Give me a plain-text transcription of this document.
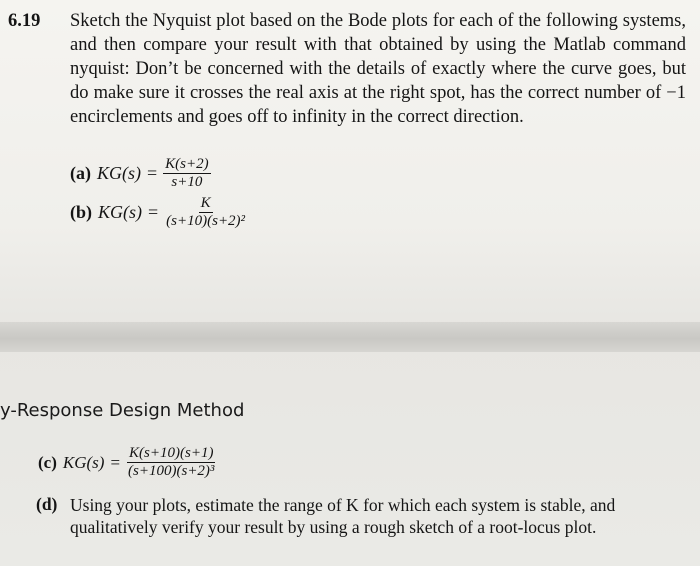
6.19 Sketch the Nyquist plot based on the Bode plots for each of the following systems, and then compare your result with that obtained by using the Matlab command nyquist: Don’t be concerned with the details of exactly where the curve goes, but do make sure it crosses the real axis at the right spot, has the correct number of −1 encirclements and goes off to infinity in the correct direction.
(a) $KG(s) = \frac{K(s+2)}{s+10}$
(b) $KG(s) = \frac{K}{\text{(s+10)(s+2)²}}$
y-Response Design Method
(c) $KG(s) = \frac{K(s+10)(s+1)}{\text{(s+100)(s+2)³}}$
(d) Using your plots, estimate the range of K for which each system is stable, and qualitatively verify your result by using a rough sketch of a root-locus plot.
